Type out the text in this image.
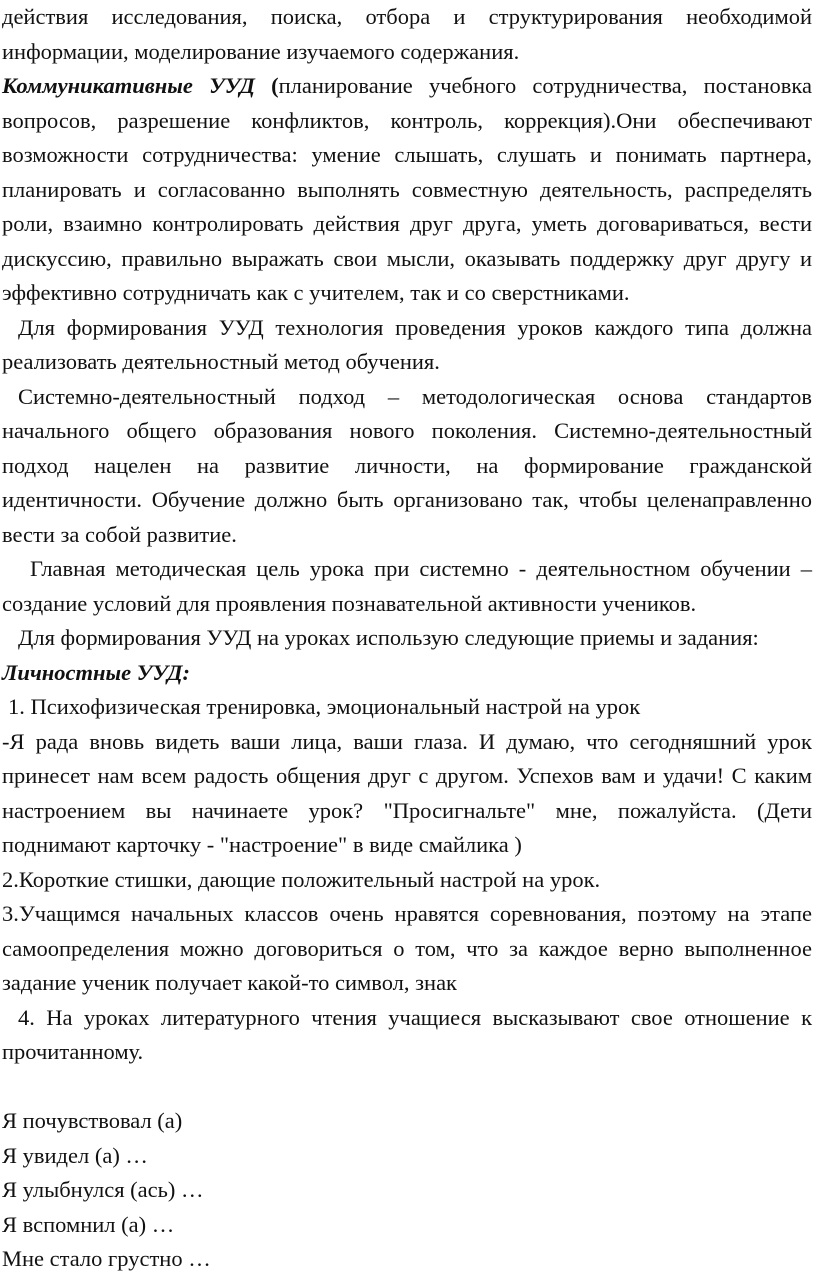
действия исследования, поиска, отбора и структурирования необходимой информации, моделирование изучаемого содержания.

Коммуникативные УУД (планирование учебного сотрудничества, постановка вопросов, разрешение конфликтов, контроль, коррекция).Они обеспечивают возможности сотрудничества: умение слышать, слушать и понимать партнера, планировать и согласованно выполнять совместную деятельность, распределять роли, взаимно контролировать действия друг друга, уметь договариваться, вести дискуссию, правильно выражать свои мысли, оказывать поддержку друг другу и эффективно сотрудничать как с учителем, так и со сверстниками.

Для формирования УУД технология проведения уроков каждого типа должна реализовать деятельностный метод обучения.

Системно-деятельностный подход – методологическая основа стандартов начального общего образования нового поколения. Системно-деятельностный подход нацелен на развитие личности, на формирование гражданской идентичности. Обучение должно быть организовано так, чтобы целенаправленно вести за собой развитие.

Главная методическая цель урока при системно - деятельностном обучении – создание условий для проявления познавательной активности учеников.

Для формирования УУД на уроках использую следующие приемы и задания:

Личностные УУД:

1. Психофизическая тренировка, эмоциональный настрой на урок

-Я рада вновь видеть ваши лица, ваши глаза. И думаю, что сегодняшний урок принесет нам всем радость общения друг с другом. Успехов вам и удачи! С каким настроением вы начинаете урок? "Просигнальте" мне, пожалуйста. (Дети поднимают карточку - "настроение" в виде смайлика )

2.Короткие стишки, дающие положительный настрой на урок.

3.Учащимся начальных классов очень нравятся соревнования, поэтому на этапе самоопределения можно договориться о том, что за каждое верно выполненное задание ученик получает какой-то символ, знак

4. На уроках литературного чтения учащиеся высказывают свое отношение к прочитанному.

Я почувствовал (а)

Я увидел (а) …

Я улыбнулся (ась) …

Я вспомнил (а) …

Мне стало грустно …
